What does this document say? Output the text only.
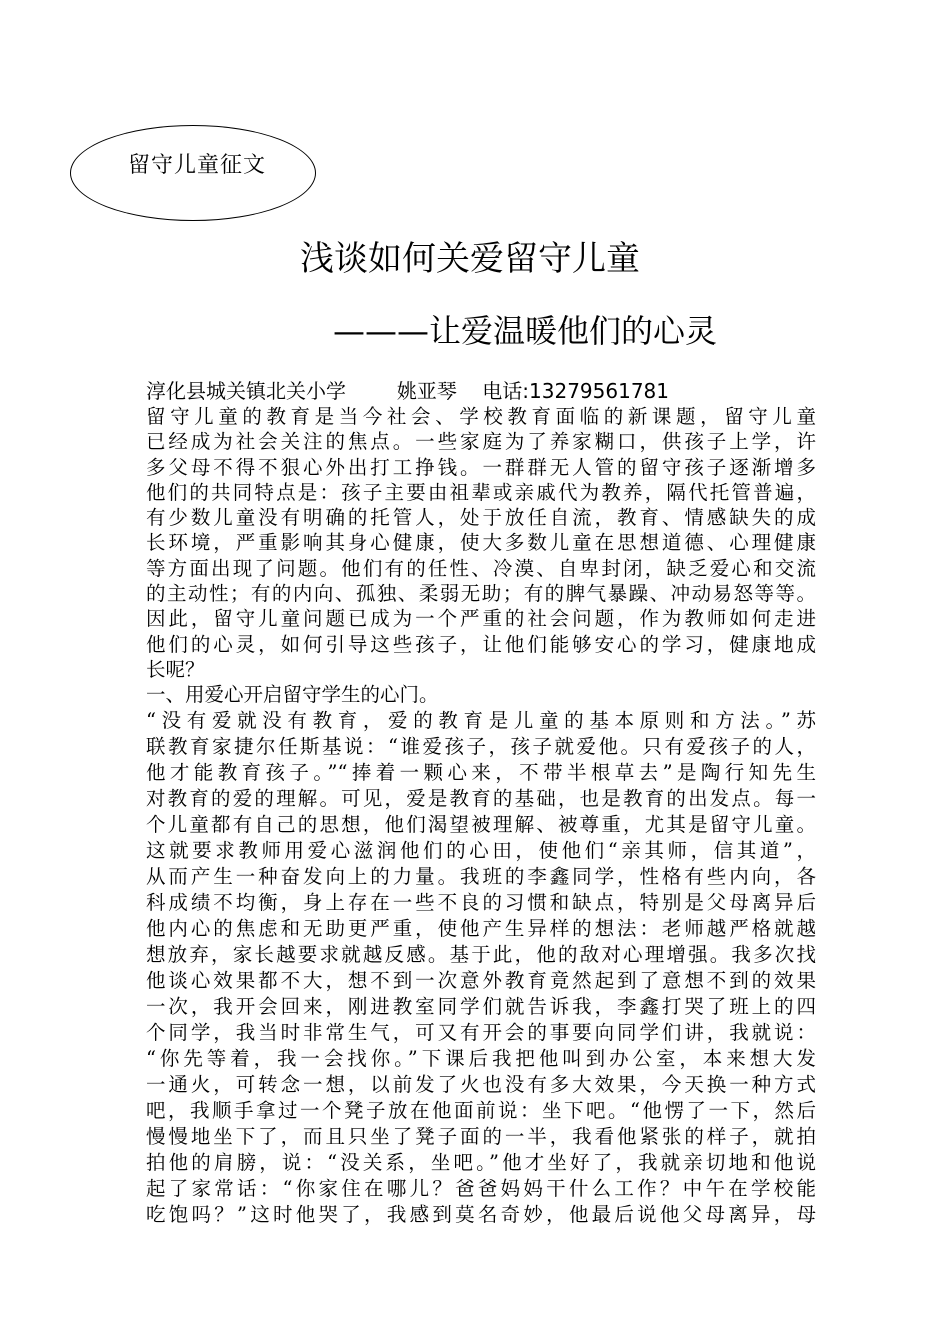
留守儿童征文
浅谈如何关爱留守儿童
———让爱温暖他们的心灵
淳化县城关镇北关小学        姚亚琴    电话:13279561781
留守儿童的教育是当今社会、学校教育面临的新课题，留守儿童
已经成为社会关注的焦点。一些家庭为了养家糊口，供孩子上学，许
多父母不得不狠心外出打工挣钱。一群群无人管的留守孩子逐渐增多
他们的共同特点是：孩子主要由祖辈或亲戚代为教养，隔代托管普遍，
有少数儿童没有明确的托管人，处于放任自流，教育、情感缺失的成
长环境，严重影响其身心健康，使大多数儿童在思想道德、心理健康
等方面出现了问题。他们有的任性、冷漠、自卑封闭，缺乏爱心和交流
的主动性；有的内向、孤独、柔弱无助；有的脾气暴躁、冲动易怒等等。
因此，留守儿童问题已成为一个严重的社会问题，作为教师如何走进
他们的心灵，如何引导这些孩子，让他们能够安心的学习，健康地成
长呢？
一、用爱心开启留守学生的心门。
“没有爱就没有教育，爱的教育是儿童的基本原则和方法。”苏
联教育家捷尔任斯基说：“谁爱孩子，孩子就爱他。只有爱孩子的人，
他才能教育孩子。”“捧着一颗心来，不带半根草去”是陶行知先生
对教育的爱的理解。可见，爱是教育的基础，也是教育的出发点。每一
个儿童都有自己的思想，他们渴望被理解、被尊重，尤其是留守儿童。
这就要求教师用爱心滋润他们的心田，使他们“亲其师，信其道”，
从而产生一种奋发向上的力量。我班的李鑫同学，性格有些内向，各
科成绩不均衡，身上存在一些不良的习惯和缺点，特别是父母离异后
他内心的焦虑和无助更严重，使他产生异样的想法：老师越严格就越
想放弃，家长越要求就越反感。基于此，他的敌对心理增强。我多次找
他谈心效果都不大，想不到一次意外教育竟然起到了意想不到的效果
一次，我开会回来，刚进教室同学们就告诉我，李鑫打哭了班上的四
个同学，我当时非常生气，可又有开会的事要向同学们讲，我就说：
“你先等着，我一会找你。”下课后我把他叫到办公室，本来想大发
一通火，可转念一想，以前发了火也没有多大效果，今天换一种方式
吧，我顺手拿过一个凳子放在他面前说：坐下吧。“他愣了一下，然后
慢慢地坐下了，而且只坐了凳子面的一半，我看他紧张的样子，就拍
拍他的肩膀，说：“没关系，坐吧。”他才坐好了，我就亲切地和他说
起了家常话：“你家住在哪儿？爸爸妈妈干什么工作？中午在学校能
吃饱吗？”这时他哭了，我感到莫名奇妙，他最后说他父母离异，母
